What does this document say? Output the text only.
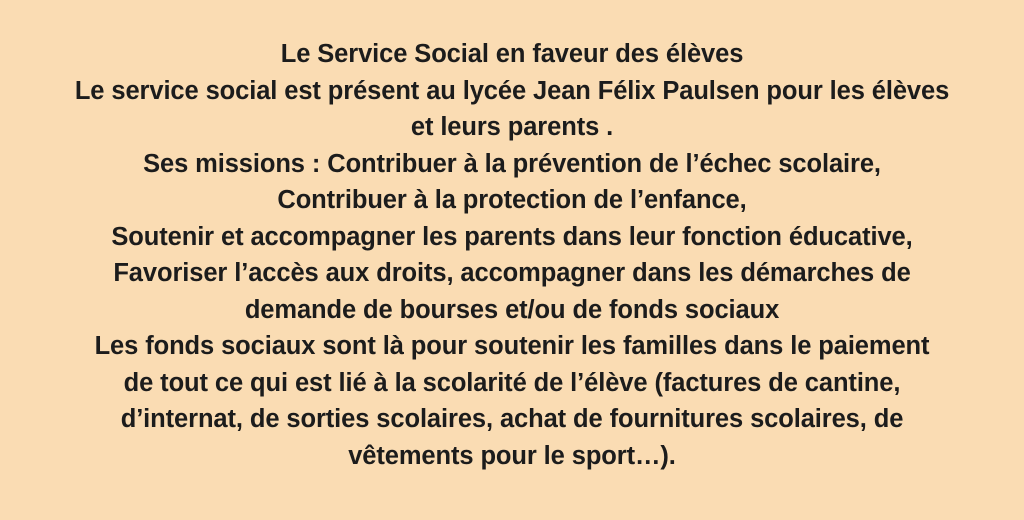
Le Service Social en faveur des élèves
Le service social est présent au lycée Jean Félix Paulsen pour les élèves
et leurs parents .
Ses missions : Contribuer à la prévention de l’échec scolaire,
Contribuer à la protection de l’enfance,
Soutenir et accompagner les parents dans leur fonction éducative,
Favoriser l’accès aux droits, accompagner dans les démarches de
demande de bourses et/ou de fonds sociaux
Les fonds sociaux sont là pour soutenir les familles dans le paiement
de tout ce qui est lié à la scolarité de l’élève (factures de cantine,
d’internat, de sorties scolaires, achat de fournitures scolaires, de
vêtements pour le sport…).
